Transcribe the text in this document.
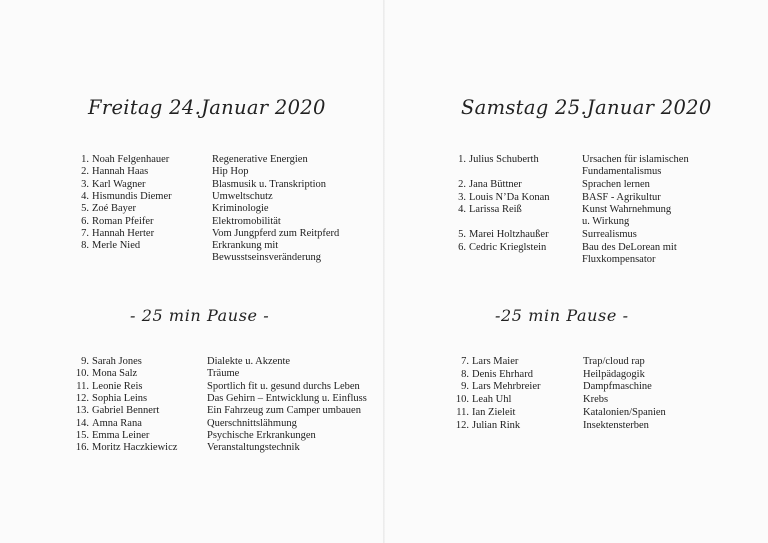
Freitag 24.Januar 2020	Samstag 25.Januar 2020
- 25 min Pause -	-25 min Pause -
1. Noah Felgenhauer	Regenerative Energien
2. Hannah Haas	Hip Hop
3. Karl Wagner	Blasmusik u. Transkription
4. Hismundis Diemer	Umweltschutz
5. Zoé Bayer	Kriminologie
6. Roman Pfeifer	Elektromobilität
7. Hannah Herter	Vom Jungpferd zum Reitpferd
8. Merle Nied	Erkrankung mit
Bewusstseinsveränderung
9. Sarah Jones	Dialekte u. Akzente
10. Mona Salz	Träume
11. Leonie Reis	Sportlich fit u. gesund durchs Leben
12. Sophia Leins	Das Gehirn – Entwicklung u. Einfluss
13. Gabriel Bennert	Ein Fahrzeug zum Camper umbauen
14. Amna Rana	Querschnittslähmung
15. Emma Leiner	Psychische Erkrankungen
16. Moritz Haczkiewicz	Veranstaltungstechnik
1. Julius Schuberth	Ursachen für islamischen
Fundamentalismus
2. Jana Büttner	Sprachen lernen
3. Louis N’Da Konan	BASF - Agrikultur
4. Larissa Reiß	Kunst Wahrnehmung
u. Wirkung
5. Marei Holtzhaußer	Surrealismus
6. Cedric Krieglstein	Bau des DeLorean mit
Fluxkompensator
7. Lars Maier	Trap/cloud rap
8. Denis Ehrhard	Heilpädagogik
9. Lars Mehrbreier	Dampfmaschine
10. Leah Uhl	Krebs
11. Ian Zieleit	Katalonien/Spanien
12. Julian Rink	Insektensterben
